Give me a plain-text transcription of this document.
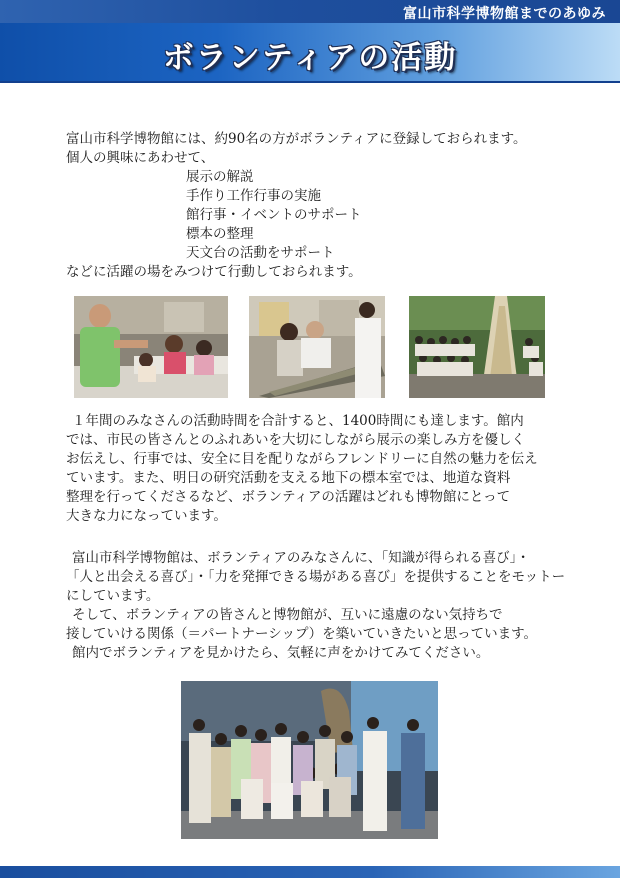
富山市科学博物館までのあゆみ
ボランティアの活動
富山市科学博物館には、約90名の方がボランティアに登録しておられます。
個人の興味にあわせて、
展示の解説
手作り工作行事の実施
館行事・イベントのサポート
標本の整理
天文台の活動をサポート
などに活躍の場をみつけて行動しておられます。
１年間のみなさんの活動時間を合計すると、1400時間にも達します。館内
では、市民の皆さんとのふれあいを大切にしながら展示の楽しみ方を優しく
お伝えし、行事では、安全に目を配りながらフレンドリーに自然の魅力を伝え
ています。また、明日の研究活動を支える地下の標本室では、地道な資料
整理を行ってくださるなど、ボランティアの活躍はどれも博物館にとって
大きな力になっています。
富山市科学博物館は、ボランティアのみなさんに、「知識が得られる喜び」・
「人と出会える喜び」・「力を発揮できる場がある喜び」を提供することをモットー
にしています。
そして、ボランティアの皆さんと博物館が、互いに遠慮のない気持ちで
接していける関係（＝パートナーシップ）を築いていきたいと思っています。
館内でボランティアを見かけたら、気軽に声をかけてみてください。
